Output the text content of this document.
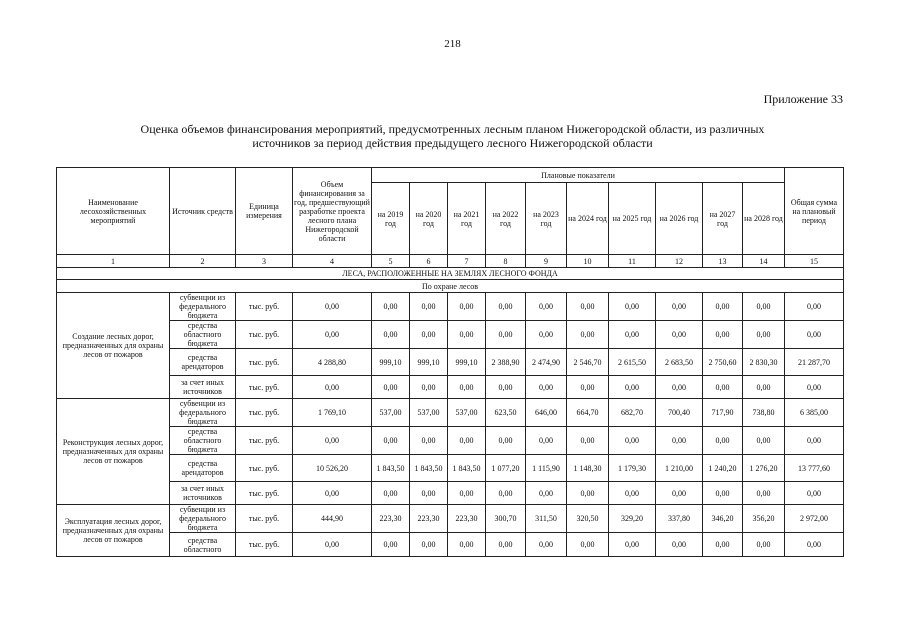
218
Приложение 33
Оценка объемов финансирования мероприятий, предусмотренных лесным планом Нижегородской области, из различных
источников за период действия предыдущего лесного Нижегородской области
Наименование лесохозяйственных мероприятий	Источник средств	Единица измерения	Объем финансирования за год, предшествующий разработке проекта лесного плана Нижегородской области	Плановые показатели										Общая сумма на плановый период
				на 2019 год	на 2020 год	на 2021 год	на 2022 год	на 2023 год	на 2024 год	на 2025 год	на 2026 год	на 2027 год	на 2028 год	
1	2	3	4	5	6	7	8	9	10	11	12	13	14	15
ЛЕСА, РАСПОЛОЖЕННЫЕ НА ЗЕМЛЯХ ЛЕСНОГО ФОНДА														
По охране лесов														
Создание лесных дорог, предназначенных для охраны лесов от пожаров	субвенции из федерального бюджета	тыс. руб.	0,00	0,00	0,00	0,00	0,00	0,00	0,00	0,00	0,00	0,00	0,00	0,00
	средства областного бюджета	тыс. руб.	0,00	0,00	0,00	0,00	0,00	0,00	0,00	0,00	0,00	0,00	0,00	0,00
	средства арендаторов	тыс. руб.	4 288,80	999,10	999,10	999,10	2 388,90	2 474,90	2 546,70	2 615,50	2 683,50	2 750,60	2 830,30	21 287,70
	за счет иных источников	тыс. руб.	0,00	0,00	0,00	0,00	0,00	0,00	0,00	0,00	0,00	0,00	0,00	0,00
Реконструкция лесных дорог, предназначенных для охраны лесов от пожаров	субвенции из федерального бюджета	тыс. руб.	1 769,10	537,00	537,00	537,00	623,50	646,00	664,70	682,70	700,40	717,90	738,80	6 385,00
	средства областного бюджета	тыс. руб.	0,00	0,00	0,00	0,00	0,00	0,00	0,00	0,00	0,00	0,00	0,00	0,00
	средства арендаторов	тыс. руб.	10 526,20	1 843,50	1 843,50	1 843,50	1 077,20	1 115,90	1 148,30	1 179,30	1 210,00	1 240,20	1 276,20	13 777,60
	за счет иных источников	тыс. руб.	0,00	0,00	0,00	0,00	0,00	0,00	0,00	0,00	0,00	0,00	0,00	0,00
Эксплуатация лесных дорог, предназначенных для охраны лесов от пожаров	субвенции из федерального бюджета	тыс. руб.	444,90	223,30	223,30	223,30	300,70	311,50	320,50	329,20	337,80	346,20	356,20	2 972,00
	средства областного	тыс. руб.	0,00	0,00	0,00	0,00	0,00	0,00	0,00	0,00	0,00	0,00	0,00	0,00
